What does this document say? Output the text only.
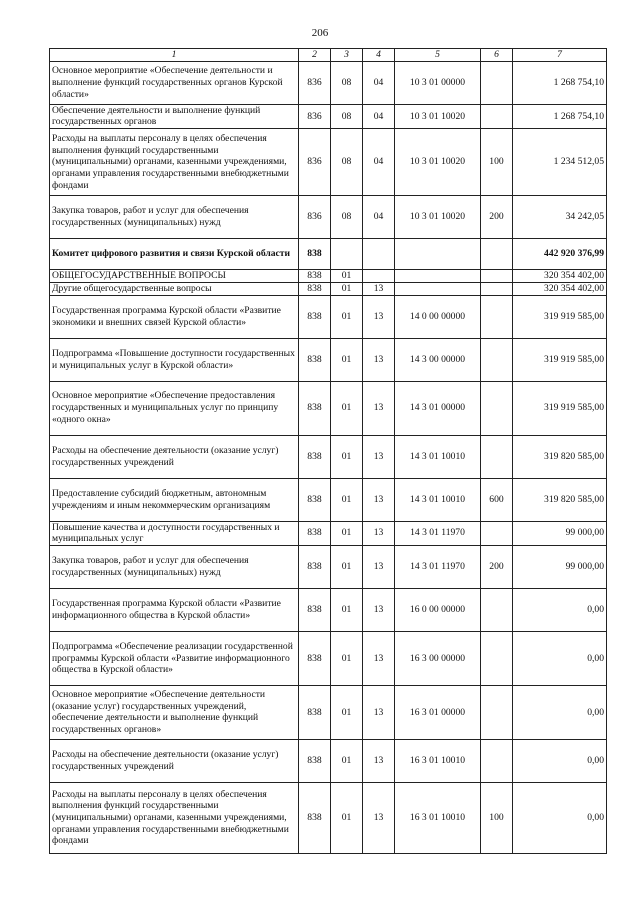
206
1	2	3	4	5	6	7
Основное мероприятие «Обеспечение деятельности и выполнение функций государственных органов Курской области»	836	08	04	10 3 01 00000		1 268 754,10
Обеспечение деятельности и выполнение функций государственных органов	836	08	04	10 3 01 10020		1 268 754,10
Расходы на выплаты персоналу в целях обеспечения выполнения функций государственными (муниципальными) органами, казенными учреждениями, органами управления государственными внебюджетными фондами	836	08	04	10 3 01 10020	100	1 234 512,05
Закупка товаров, работ и услуг для обеспечения государственных (муниципальных) нужд	836	08	04	10 3 01 10020	200	34 242,05
Комитет цифрового развития и связи Курской области	838					442 920 376,99
ОБЩЕГОСУДАРСТВЕННЫЕ ВОПРОСЫ	838	01				320 354 402,00
Другие общегосударственные вопросы	838	01	13			320 354 402,00
Государственная программа Курской области «Развитие экономики и внешних связей Курской области»	838	01	13	14 0 00 00000		319 919 585,00
Подпрограмма «Повышение доступности государственных и муниципальных услуг в Курской области»	838	01	13	14 3 00 00000		319 919 585,00
Основное мероприятие «Обеспечение предоставления государственных и муниципальных услуг по принципу «одного окна»	838	01	13	14 3 01 00000		319 919 585,00
Расходы на обеспечение деятельности (оказание услуг) государственных учреждений	838	01	13	14 3 01 10010		319 820 585,00
Предоставление субсидий бюджетным, автономным учреждениям и иным некоммерческим организациям	838	01	13	14 3 01 10010	600	319 820 585,00
Повышение качества и доступности государственных и муниципальных услуг	838	01	13	14 3 01 11970		99 000,00
Закупка товаров, работ и услуг для обеспечения государственных (муниципальных) нужд	838	01	13	14 3 01 11970	200	99 000,00
Государственная программа Курской области «Развитие информационного общества в Курской области»	838	01	13	16 0 00 00000		0,00
Подпрограмма «Обеспечение реализации государственной программы Курской области «Развитие информационного общества в Курской области»	838	01	13	16 3 00 00000		0,00
Основное мероприятие «Обеспечение деятельности (оказание услуг) государственных учреждений, обеспечение деятельности и выполнение функций государственных органов»	838	01	13	16 3 01 00000		0,00
Расходы на обеспечение деятельности (оказание услуг) государственных учреждений	838	01	13	16 3 01 10010		0,00
Расходы на выплаты персоналу в целях обеспечения выполнения функций государственными (муниципальными) органами, казенными учреждениями, органами управления государственными внебюджетными фондами	838	01	13	16 3 01 10010	100	0,00
